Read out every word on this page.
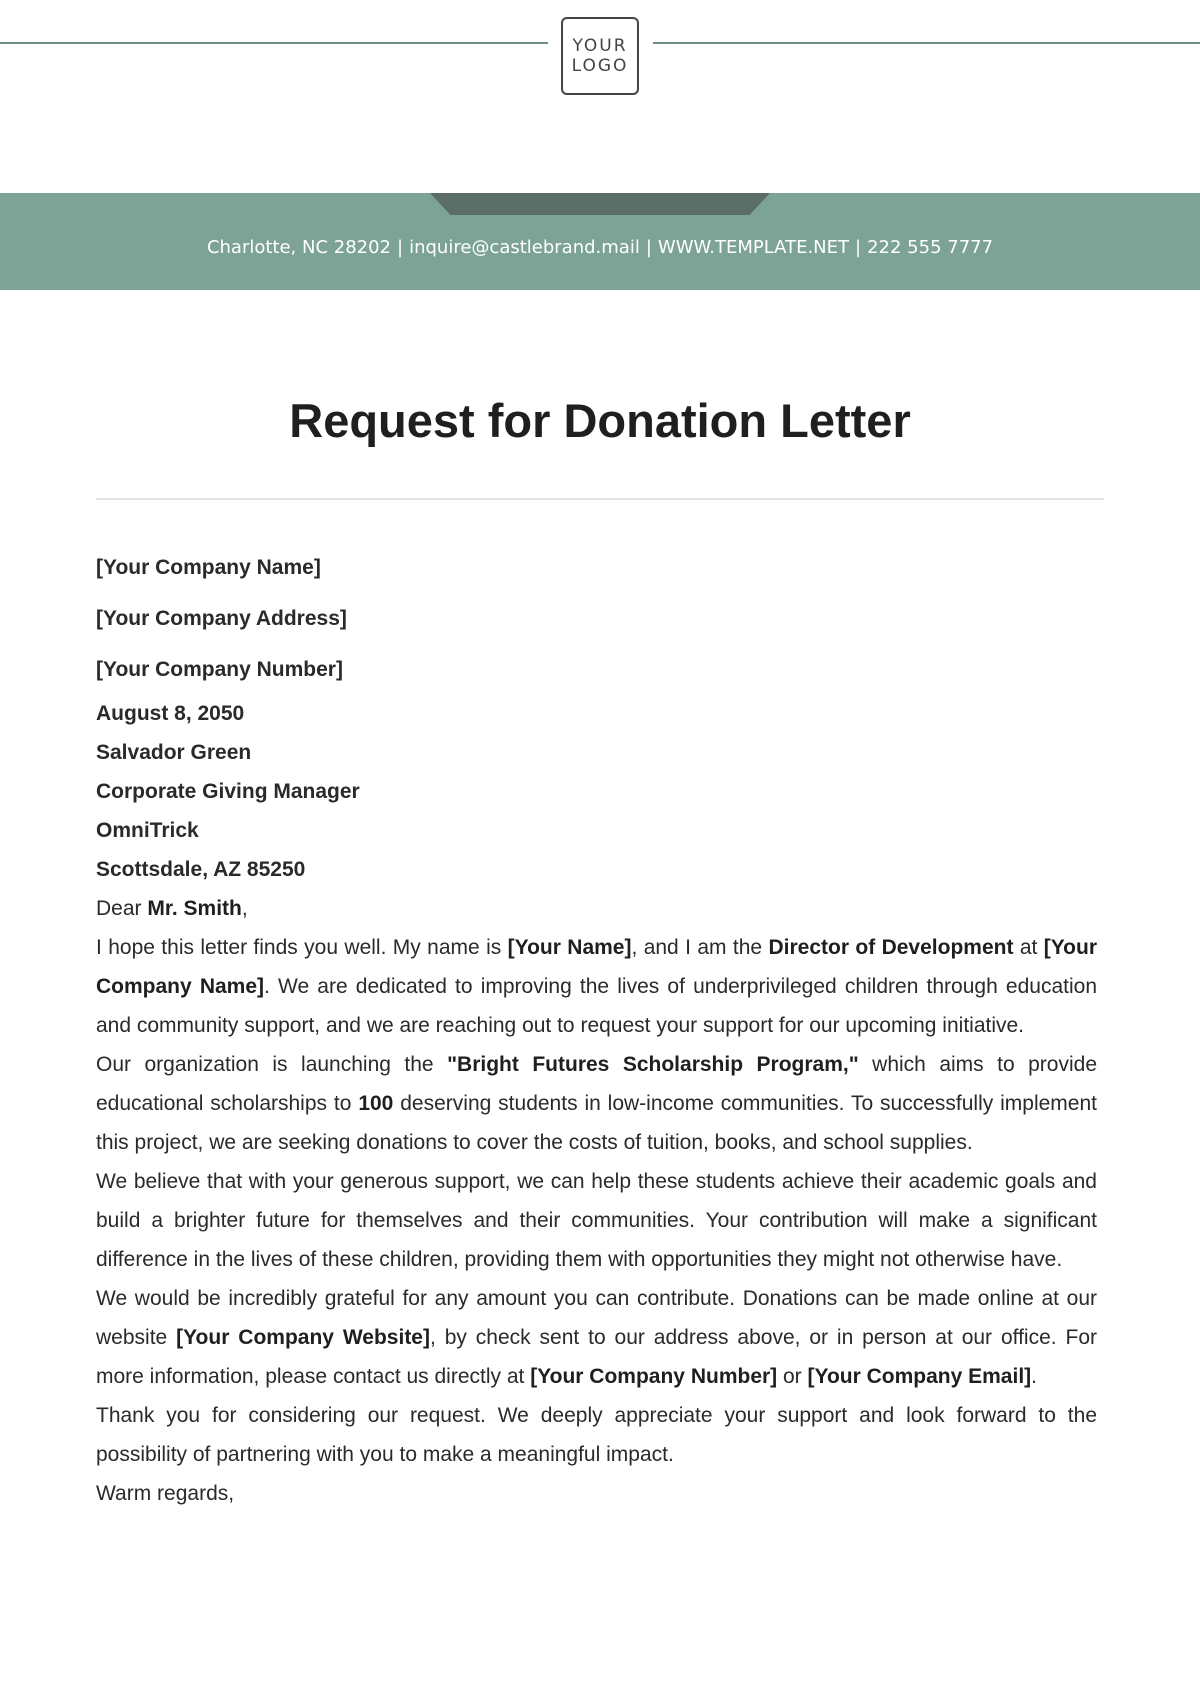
YOUR
LOGO
Charlotte, NC 28202 | inquire@castlebrand.mail | WWW.TEMPLATE.NET | 222 555 7777
Request for Donation Letter
[Your Company Name]
[Your Company Address]
[Your Company Number]
August 8, 2050
Salvador Green
Corporate Giving Manager
OmniTrick
Scottsdale, AZ 85250
Dear Mr. Smith,

I hope this letter finds you well. My name is [Your Name], and I am the Director of Development at [Your Company Name]. We are dedicated to improving the lives of underprivileged children through education and community support, and we are reaching out to request your support for our upcoming initiative.

Our organization is launching the "Bright Futures Scholarship Program," which aims to provide educational scholarships to 100 deserving students in low-income communities. To successfully implement this project, we are seeking donations to cover the costs of tuition, books, and school supplies.

We believe that with your generous support, we can help these students achieve their academic goals and build a brighter future for themselves and their communities. Your contribution will make a significant difference in the lives of these children, providing them with opportunities they might not otherwise have.

We would be incredibly grateful for any amount you can contribute. Donations can be made online at our website [Your Company Website], by check sent to our address above, or in person at our office. For more information, please contact us directly at [Your Company Number] or [Your Company Email].

Thank you for considering our request. We deeply appreciate your support and look forward to the possibility of partnering with you to make a meaningful impact.

Warm regards,
